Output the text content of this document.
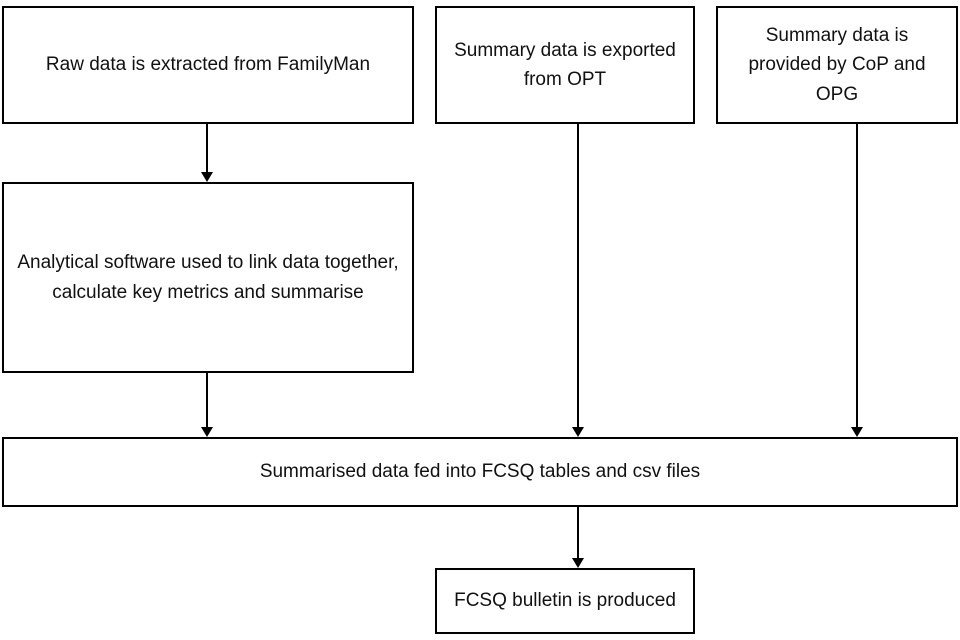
Raw data is extracted from FamilyMan
Summary data is exported from OPT
Summary data is provided by CoP and OPG
Analytical software used to link data together, calculate key metrics and summarise
Summarised data fed into FCSQ tables and csv files
FCSQ bulletin is produced
